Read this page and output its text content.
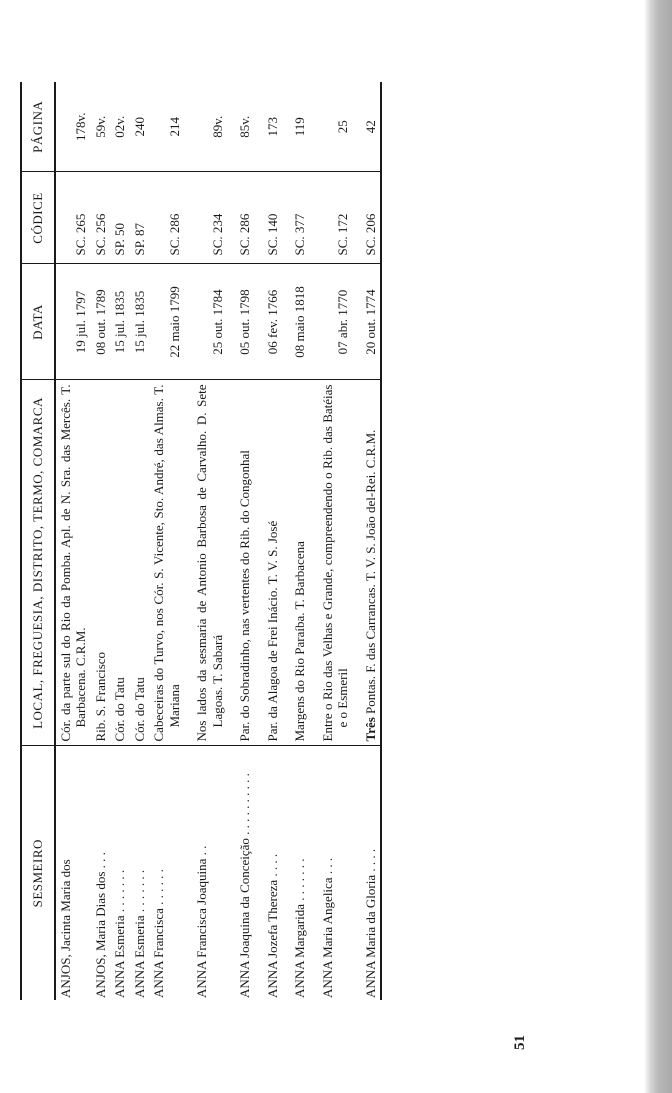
51
SESMEIRO	LOCAL, FREGUESIA, DISTRITO, TERMO, COMARCA	DATA	CÓDICE	PÁGINA

ANJOS, Jacinta Maria dos	Cór. da parte sul do Rio da Pomba. Apl. de N. Sra. das Mercês. T. Barbacena. C.R.M.	19 jul. 1797	SC. 265	178v.

ANJOS, Maria Dias dos . . .	Rib. S. Francisco	08 out. 1789	SC. 256	59v.

ANNA Esmeria . . . . . . .	Cór. do Tatu	15 jul. 1835	SP. 50	02v.

ANNA Esmeria . . . . . . .	Cór. do Tatu	15 jul. 1835	SP. 87	240

ANNA Francisca . . . . . .	Cabeceiras do Turvo, nos Cór. S. Vicente, Sto. André, das Almas. T. Mariana	22 maio 1799	SC. 286	214

ANNA Francisca Joaquina . .	Nos lados da sesmaria de Antonio Barbosa de Carvalho. D. Sete Lagoas. T. Sabará	25 out. 1784	SC. 234	89v.

ANNA Joaquina da Conceição . . . . . . . . . .	Par. do Sobradinho, nas vertentes do Rib. do Congonhal	05 out. 1798	SC. 286	85v.

ANNA Jozefa Thereza . . . .	Par. da Alagoa de Frei Inácio. T. V. S. José	06 fev. 1766	SC. 140	173

ANNA Margarida . . . . . . .	Margens do Rio Paraíba. T. Barbacena	08 maio 1818	SC. 377	119

ANNA Maria Angelica . . .	Entre o Rio das Velhas e Grande, compreendendo o Rib. das Batéias e o Esmeril	07 abr. 1770	SC. 172	25

ANNA Maria da Gloria . . . .	Três Pontas. F. das Carrancas. T. V. S. João del-Rei. C.R.M.	20 out. 1774	SC. 206	42
